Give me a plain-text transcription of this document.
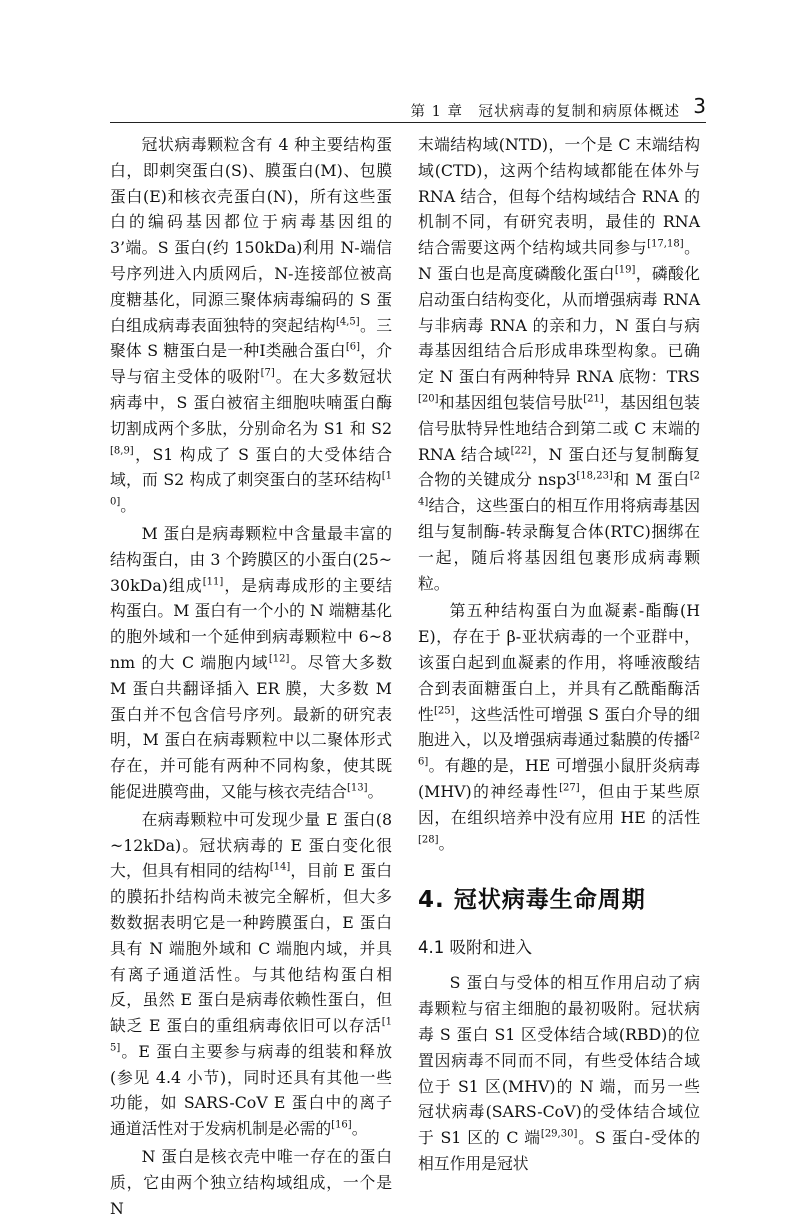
第 1 章　冠状病毒的复制和病原体概述 3

冠状病毒颗粒含有 4 种主要结构蛋白，即刺突蛋白(S)、膜蛋白(M)、包膜蛋白(E)和核衣壳蛋白(N)，所有这些蛋白的编码基因都位于病毒基因组的 3’端。S 蛋白(约 150kDa)利用 N-端信号序列进入内质网后，N-连接部位被高度糖基化，同源三聚体病毒编码的 S 蛋白组成病毒表面独特的突起结构[4,5]。三聚体 S 糖蛋白是一种Ⅰ类融合蛋白[6]，介导与宿主受体的吸附[7]。在大多数冠状病毒中，S 蛋白被宿主细胞呋喃蛋白酶切割成两个多肽，分别命名为 S1 和 S2[8,9]，S1 构成了 S 蛋白的大受体结合域，而 S2 构成了刺突蛋白的茎环结构[10]。

M 蛋白是病毒颗粒中含量最丰富的结构蛋白，由 3 个跨膜区的小蛋白(25~30kDa)组成[11]，是病毒成形的主要结构蛋白。M 蛋白有一个小的 N 端糖基化的胞外域和一个延伸到病毒颗粒中 6~8nm 的大 C 端胞内域[12]。尽管大多数 M 蛋白共翻译插入 ER 膜，大多数 M 蛋白并不包含信号序列。最新的研究表明，M 蛋白在病毒颗粒中以二聚体形式存在，并可能有两种不同构象，使其既能促进膜弯曲，又能与核衣壳结合[13]。

在病毒颗粒中可发现少量 E 蛋白(8~12kDa)。冠状病毒的 E 蛋白变化很大，但具有相同的结构[14]，目前 E 蛋白的膜拓扑结构尚未被完全解析，但大多数数据表明它是一种跨膜蛋白，E 蛋白具有 N 端胞外域和 C 端胞内域，并具有离子通道活性。与其他结构蛋白相反，虽然 E 蛋白是病毒依赖性蛋白，但缺乏 E 蛋白的重组病毒依旧可以存活[15]。E 蛋白主要参与病毒的组装和释放(参见 4.4 小节)，同时还具有其他一些功能，如 SARS-CoV E 蛋白中的离子通道活性对于发病机制是必需的[16]。

N 蛋白是核衣壳中唯一存在的蛋白质，它由两个独立结构域组成，一个是 N

末端结构域(NTD)，一个是 C 末端结构域(CTD)，这两个结构域都能在体外与 RNA 结合，但每个结构域结合 RNA 的机制不同，有研究表明，最佳的 RNA 结合需要这两个结构域共同参与[17,18]。N 蛋白也是高度磷酸化蛋白[19]，磷酸化启动蛋白结构变化，从而增强病毒 RNA 与非病毒 RNA 的亲和力，N 蛋白与病毒基因组结合后形成串珠型构象。已确定 N 蛋白有两种特异 RNA 底物：TRS[20]和基因组包装信号肽[21]，基因组包装信号肽特异性地结合到第二或 C 末端的 RNA 结合域[22]，N 蛋白还与复制酶复合物的关键成分 nsp3[18,23]和 M 蛋白[24]结合，这些蛋白的相互作用将病毒基因组与复制酶-转录酶复合体(RTC)捆绑在一起，随后将基因组包裹形成病毒颗粒。

第五种结构蛋白为血凝素-酯酶(HE)，存在于 β-亚状病毒的一个亚群中，该蛋白起到血凝素的作用，将唾液酸结合到表面糖蛋白上，并具有乙酰酯酶活性[25]，这些活性可增强 S 蛋白介导的细胞进入，以及增强病毒通过黏膜的传播[26]。有趣的是，HE 可增强小鼠肝炎病毒(MHV)的神经毒性[27]，但由于某些原因，在组织培养中没有应用 HE 的活性[28]。

4. 冠状病毒生命周期
4.1 吸附和进入

S 蛋白与受体的相互作用启动了病毒颗粒与宿主细胞的最初吸附。冠状病毒 S 蛋白 S1 区受体结合域(RBD)的位置因病毒不同而不同，有些受体结合域位于 S1 区(MHV)的 N 端，而另一些冠状病毒(SARS-CoV)的受体结合域位于 S1 区的 C 端[29,30]。S 蛋白-受体的相互作用是冠状
